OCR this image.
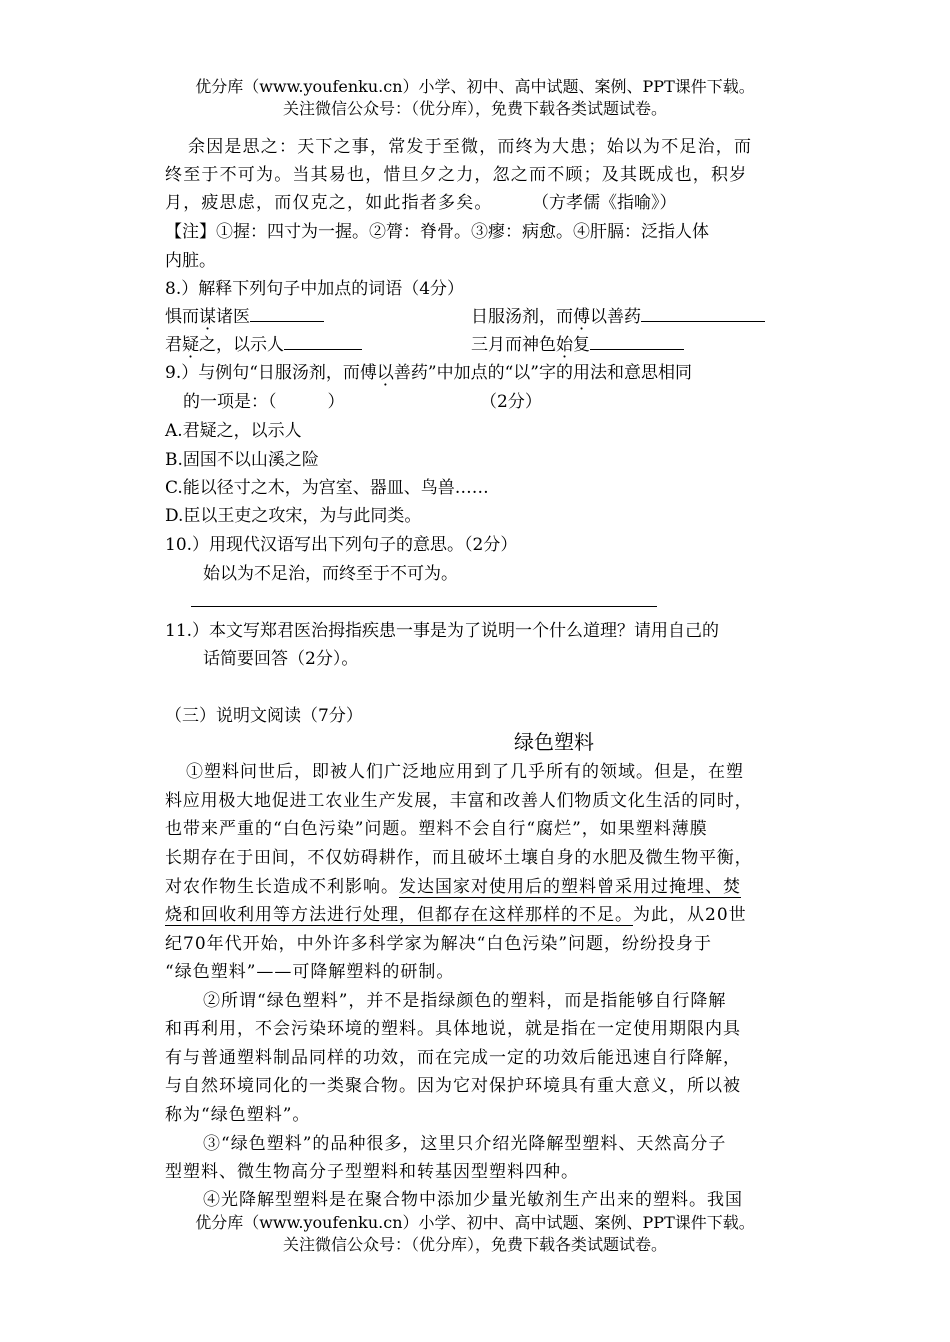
优分库（www.youfenku.cn）小学、初中、高中试题、案例、PPT课件下载。
关注微信公众号：（优分库），免费下载各类试题试卷。
余因是思之：天下之事，常发于至微，而终为大患；始以为不足治，而
终至于不可为。当其易也，惜旦夕之力，忽之而不顾；及其既成也，积岁
月，疲思虑，而仅克之，如此指者多矣。 （方孝儒《指喻》）
【注】①握：四寸为一握。②膂：脊骨。③瘳：病愈。④肝膈：泛指人体
内脏。
8.）解释下列句子中加点的词语（4分）
惧而谋诸医	日服汤剂，而傅以善药
君疑之，以示人	三月而神色始复
9.）与例句“日服汤剂，而傅以善药”中加点的“以”字的用法和意思相同
的一项是：（　　　）	（2分）
A.君疑之，以示人
B.固国不以山溪之险
C.能以径寸之木，为宫室、器皿、鸟兽……
D.臣以王吏之攻宋，为与此同类。
10.）用现代汉语写出下列句子的意思。（2分）
始以为不足治，而终至于不可为。
11.）本文写郑君医治拇指疾患一事是为了说明一个什么道理？请用自己的
话简要回答（2分）。
（三）说明文阅读（7分）
绿色塑料
①塑料问世后，即被人们广泛地应用到了几乎所有的领域。但是，在塑
料应用极大地促进工农业生产发展，丰富和改善人们物质文化生活的同时，
也带来严重的“白色污染”问题。塑料不会自行“腐烂”，如果塑料薄膜
长期存在于田间，不仅妨碍耕作，而且破坏土壤自身的水肥及微生物平衡，
对农作物生长造成不利影响。发达国家对使用后的塑料曾采用过掩埋、焚
烧和回收利用等方法进行处理，但都存在这样那样的不足。为此，从20世
纪70年代开始，中外许多科学家为解决“白色污染”问题，纷纷投身于
“绿色塑料”——可降解塑料的研制。
②所谓“绿色塑料”，并不是指绿颜色的塑料，而是指能够自行降解
和再利用，不会污染环境的塑料。具体地说，就是指在一定使用期限内具
有与普通塑料制品同样的功效，而在完成一定的功效后能迅速自行降解，
与自然环境同化的一类聚合物。因为它对保护环境具有重大意义，所以被
称为“绿色塑料”。
③“绿色塑料”的品种很多，这里只介绍光降解型塑料、天然高分子
型塑料、微生物高分子型塑料和转基因型塑料四种。
④光降解型塑料是在聚合物中添加少量光敏剂生产出来的塑料。我国
优分库（www.youfenku.cn）小学、初中、高中试题、案例、PPT课件下载。
关注微信公众号：（优分库），免费下载各类试题试卷。
